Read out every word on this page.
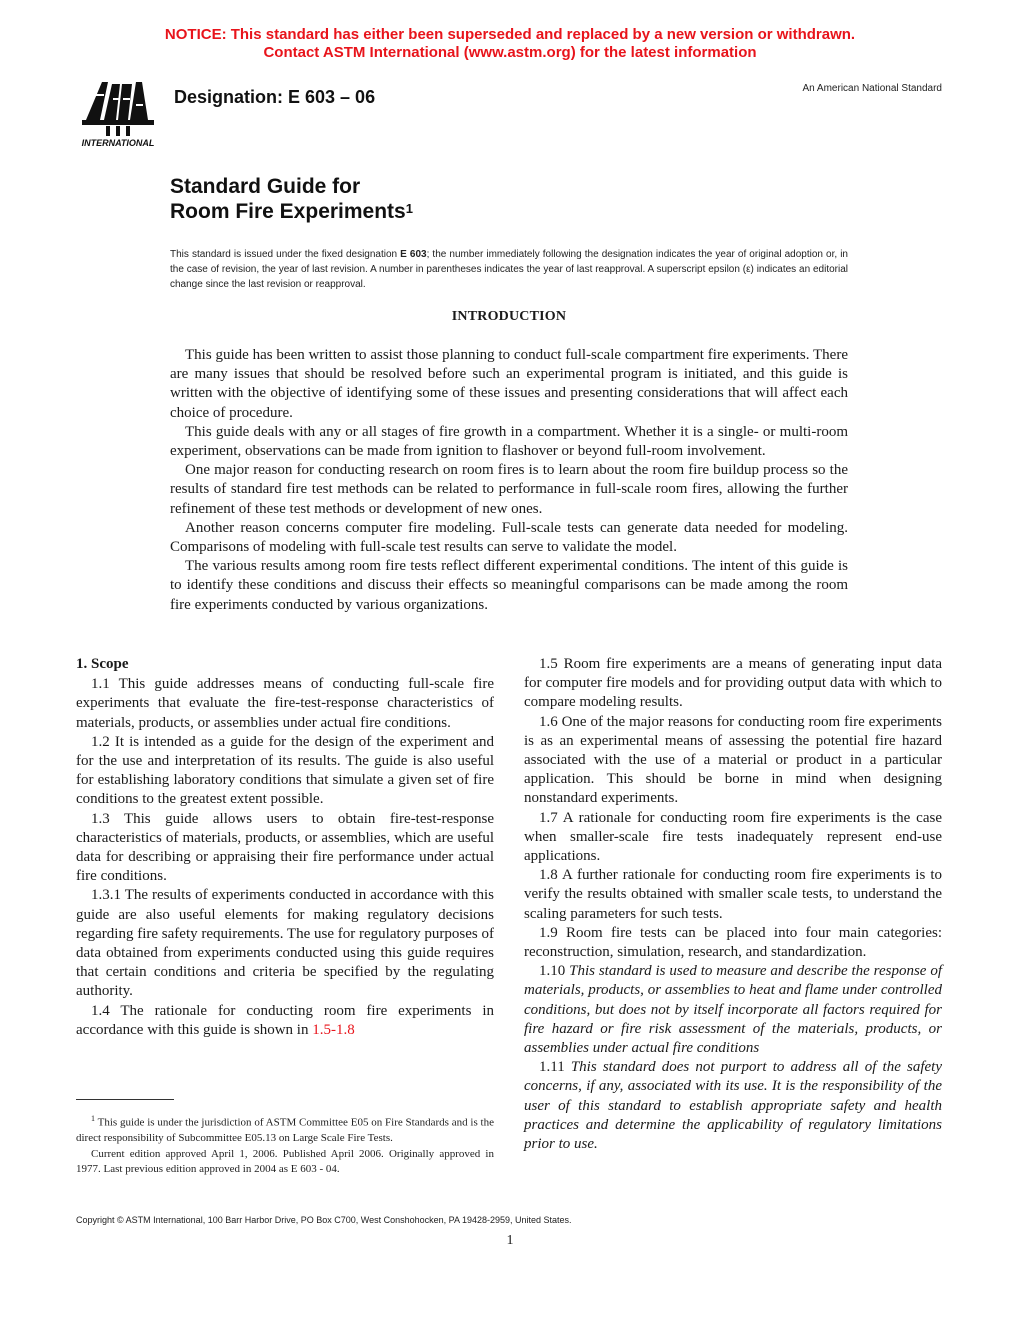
NOTICE: This standard has either been superseded and replaced by a new version or withdrawn.
Contact ASTM International (www.astm.org) for the latest information
INTERNATIONAL
Designation: E 603 – 06	An American National Standard
Standard Guide for
Room Fire Experiments$^1$
This standard is issued under the fixed designation E 603; the number immediately following the designation indicates the year of original adoption or, in the case of revision, the year of last revision. A number in parentheses indicates the year of last reapproval. A superscript epsilon (ε) indicates an editorial change since the last revision or reapproval.
INTRODUCTION

This guide has been written to assist those planning to conduct full-scale compartment fire experiments. There are many issues that should be resolved before such an experimental program is initiated, and this guide is written with the objective of identifying some of these issues and presenting considerations that will affect each choice of procedure.

This guide deals with any or all stages of fire growth in a compartment. Whether it is a single- or multi-room experiment, observations can be made from ignition to flashover or beyond full-room involvement.

One major reason for conducting research on room fires is to learn about the room fire buildup process so the results of standard fire test methods can be related to performance in full-scale room fires, allowing the further refinement of these test methods or development of new ones.

Another reason concerns computer fire modeling. Full-scale tests can generate data needed for modeling. Comparisons of modeling with full-scale test results can serve to validate the model.

The various results among room fire tests reflect different experimental conditions. The intent of this guide is to identify these conditions and discuss their effects so meaningful comparisons can be made among the room fire experiments conducted by various organizations.

1. Scope

1.1 This guide addresses means of conducting full-scale fire experiments that evaluate the fire-test-response characteristics of materials, products, or assemblies under actual fire conditions.

1.2 It is intended as a guide for the design of the experiment and for the use and interpretation of its results. The guide is also useful for establishing laboratory conditions that simulate a given set of fire conditions to the greatest extent possible.

1.3 This guide allows users to obtain fire-test-response characteristics of materials, products, or assemblies, which are useful data for describing or appraising their fire performance under actual fire conditions.

1.3.1 The results of experiments conducted in accordance with this guide are also useful elements for making regulatory decisions regarding fire safety requirements. The use for regulatory purposes of data obtained from experiments conducted using this guide requires that certain conditions and criteria be specified by the regulating authority.

1.4 The rationale for conducting room fire experiments in accordance with this guide is shown in 1.5-1.8

1.5 Room fire experiments are a means of generating input data for computer fire models and for providing output data with which to compare modeling results.

1.6 One of the major reasons for conducting room fire experiments is as an experimental means of assessing the potential fire hazard associated with the use of a material or product in a particular application. This should be borne in mind when designing nonstandard experiments.

1.7 A rationale for conducting room fire experiments is the case when smaller-scale fire tests inadequately represent end-use applications.

1.8 A further rationale for conducting room fire experiments is to verify the results obtained with smaller scale tests, to understand the scaling parameters for such tests.

1.9 Room fire tests can be placed into four main categories: reconstruction, simulation, research, and standardization.

1.10 This standard is used to measure and describe the response of materials, products, or assemblies to heat and flame under controlled conditions, but does not by itself incorporate all factors required for fire hazard or fire risk assessment of the materials, products, or assemblies under actual fire conditions

1.11 This standard does not purport to address all of the safety concerns, if any, associated with its use. It is the responsibility of the user of this standard to establish appropriate safety and health practices and determine the applicability of regulatory limitations prior to use.

$^1$ This guide is under the jurisdiction of ASTM Committee E05 on Fire Standards and is the direct responsibility of Subcommittee E05.13 on Large Scale Fire Tests.

Current edition approved April 1, 2006. Published April 2006. Originally approved in 1977. Last previous edition approved in 2004 as E 603 - 04.

Copyright © ASTM International, 100 Barr Harbor Drive, PO Box C700, West Conshohocken, PA 19428-2959, United States.
1
